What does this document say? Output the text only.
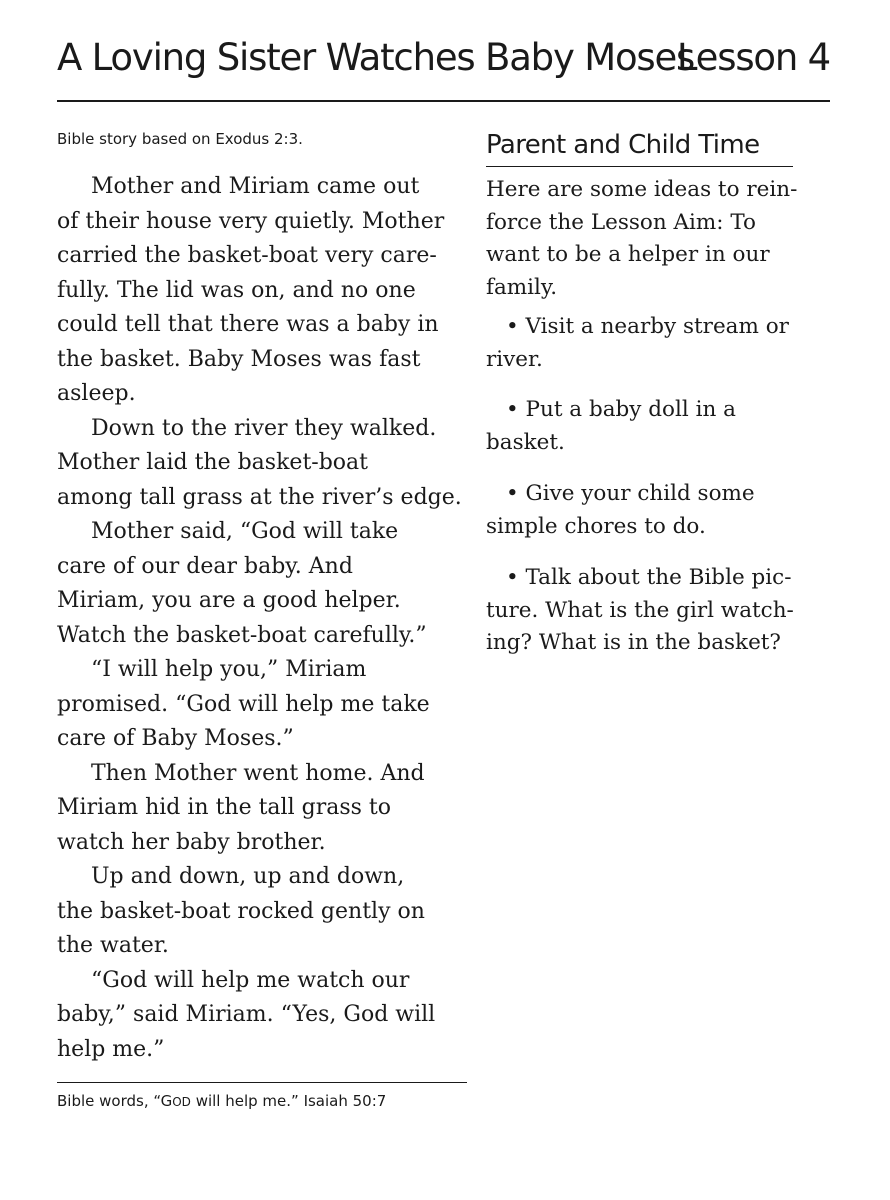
A Loving Sister Watches Baby Moses
Lesson 4
Bible story based on Exodus 2:3.
Mother and Miriam came out
of their house very quietly. Mother
carried the basket-boat very care-
fully. The lid was on, and no one
could tell that there was a baby in
the basket. Baby Moses was fast
asleep.
Down to the river they walked.
Mother laid the basket-boat
among tall grass at the river’s edge.
Mother said, “God will take
care of our dear baby. And
Miriam, you are a good helper.
Watch the basket-boat carefully.”
“I will help you,” Miriam
promised. “God will help me take
care of Baby Moses.”
Then Mother went home. And
Miriam hid in the tall grass to
watch her baby brother.
Up and down, up and down,
the basket-boat rocked gently on
the water.
“God will help me watch our
baby,” said Miriam. “Yes, God will
help me.”
Bible words, “GOD will help me.” Isaiah 50:7
Parent and Child Time
Here are some ideas to rein-
force the Lesson Aim: To
want to be a helper in our
family.
• Visit a nearby stream or
river.
• Put a baby doll in a
basket.
• Give your child some
simple chores to do.
• Talk about the Bible pic-
ture. What is the girl watch-
ing? What is in the basket?
